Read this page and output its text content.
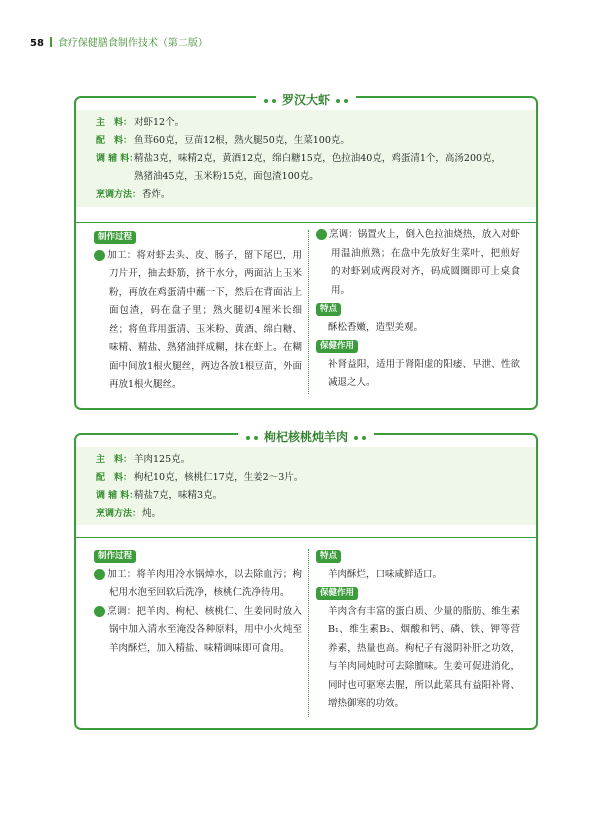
58 食疗保健膳食制作技术（第二版）
罗汉大虾
主　料： 对虾12个。
配　料： 鱼茸60克，豆苗12根，熟火腿50克，生菜100克。
调 辅 料：精盐3克，味精2克，黄酒12克，绵白糖15克，色拉油40克，鸡蛋清1个，高汤200克，
熟猪油45克，玉米粉15克，面包渣100克。
烹调方法：香炸。
制作过程
1 加工：将对虾去头、皮、肠子，留下尾巴，用刀片开，抽去虾筋，挤干水分，两面沾上玉米粉，再放在鸡蛋清中蘸一下，然后在背面沾上面包渣，码在盘子里；熟火腿切4厘米长细丝；将鱼茸用蛋清、玉米粉、黄酒、绵白糖、味精、精盐、熟猪油拌成糊，抹在虾上。在糊面中间放1根火腿丝，两边各放1根豆苗，外面再放1根火腿丝。
2 烹调：锅置火上，倒入色拉油烧热，放入对虾用温油煎熟；在盘中先放好生菜叶，把煎好的对虾剁成两段对齐，码成圆圈即可上桌食用。
特点
酥松香嫩，造型美观。
保健作用
补肾益阳，适用于肾阳虚的阳痿、早泄、性欲减退之人。
枸杞核桃炖羊肉
主　料： 羊肉125克。
配　料： 枸杞10克，核桃仁17克，生姜2～3片。
调 辅 料：精盐7克，味精3克。
烹调方法：炖。
制作过程
1 加工：将羊肉用冷水锅焯水，以去除血污；枸杞用水泡至回软后洗净，核桃仁洗净待用。
2 烹调：把羊肉、枸杞、核桃仁、生姜同时放入锅中加入清水至淹没各种原料，用中小火炖至羊肉酥烂，加入精盐、味精调味即可食用。
特点
羊肉酥烂，口味咸鲜适口。
保健作用
羊肉含有丰富的蛋白质、少量的脂肪、维生素B₁、维生素B₂、烟酸和钙、磷、铁、钾等营养素，热量也高。枸杞子有滋阴补肝之功效，与羊肉同炖时可去除膻味。生姜可促进消化，同时也可驱寒去腥，所以此菜具有益阳补肾、增热御寒的功效。
